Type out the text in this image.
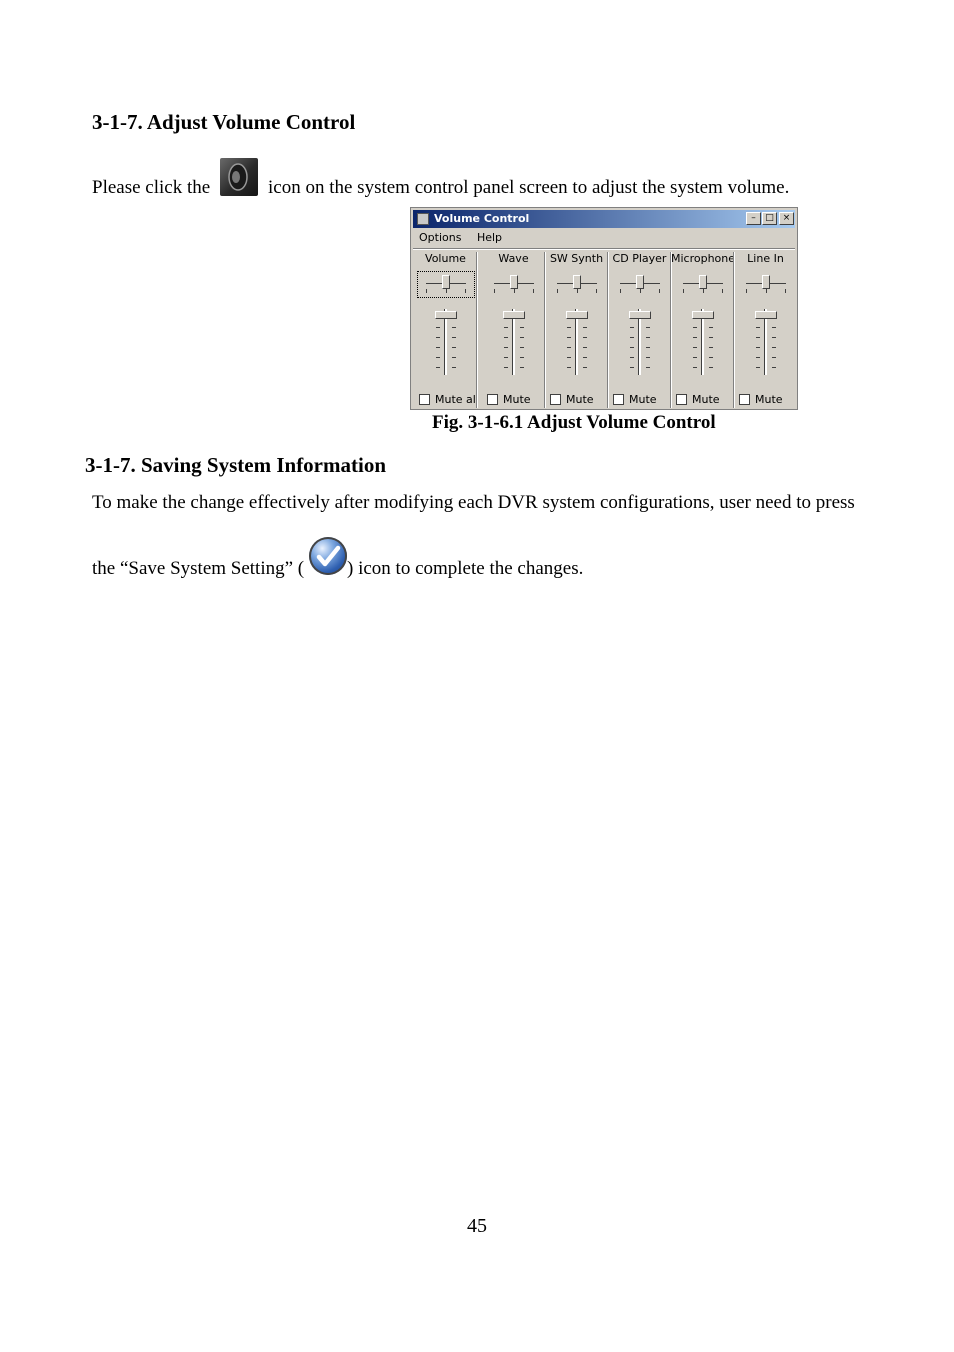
3-1-7. Adjust Volume Control
Please click the	icon on the system control panel screen to adjust the system volume.
Volume Control	–	□ ×
Options Help
Volume
Mute all
Wave
Mute
SW Synth
Mute
CD Player
Mute
Microphone
Mute
Line In
Mute
Fig. 3-1-6.1 Adjust Volume Control
3-1-7. Saving System Information
To make the change effectively after modifying each DVR system configurations, user need to press
the “Save System Setting” ( ) icon to complete the changes.
45
